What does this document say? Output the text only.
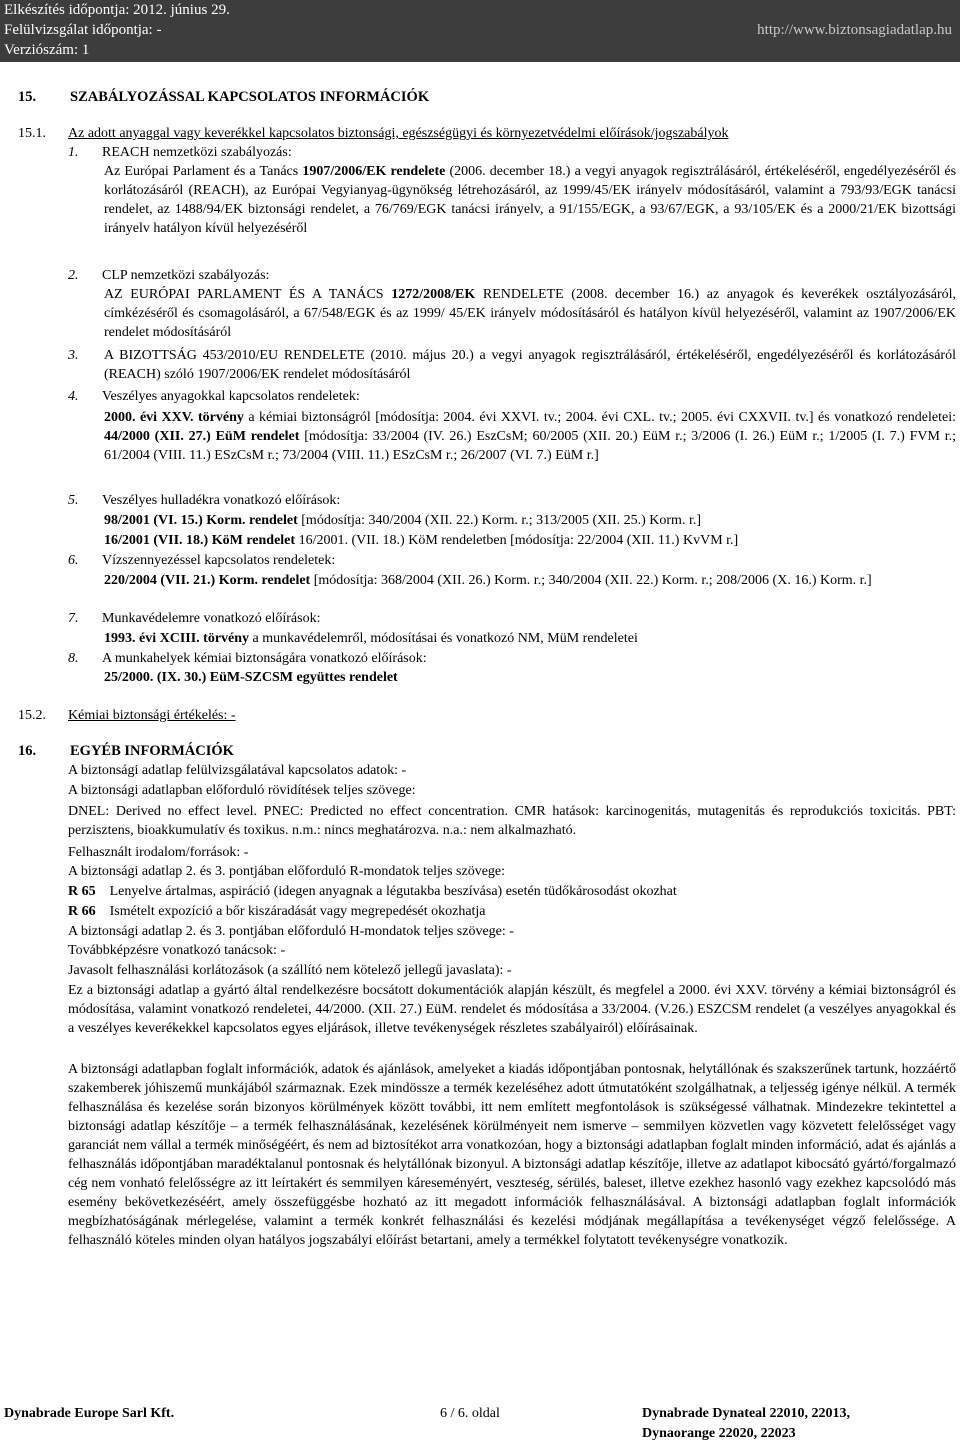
Elkészítés időpontja: 2012. június 29.
Felülvizsgálat időpontja: -
Verziószám: 1
http://www.biztonsagiadatlap.hu
15. SZABÁLYOZÁSSAL KAPCSOLATOS INFORMÁCIÓK
15.1. Az adott anyaggal vagy keverékkel kapcsolatos biztonsági, egészségügyi és környezetvédelmi előírások/jogszabályok
1. REACH nemzetközi szabályozás:
Az Európai Parlament és a Tanács 1907/2006/EK rendelete (2006. december 18.) a vegyi anyagok regisztrálásáról, értékeléséről, engedélyezéséről és korlátozásáról (REACH), az Európai Vegyianyag-ügynökség létrehozásáról, az 1999/45/EK irányelv módosításáról, valamint a 793/93/EGK tanácsi rendelet, az 1488/94/EK biztonsági rendelet, a 76/769/EGK tanácsi irányelv, a 91/155/EGK, a 93/67/EGK, a 93/105/EK és a 2000/21/EK bizottsági irányelv hatályon kívül helyezéséről
2. CLP nemzetközi szabályozás:
AZ EURÓPAI PARLAMENT ÉS A TANÁCS 1272/2008/EK RENDELETE (2008. december 16.) az anyagok és keverékek osztályozásáról, címkézéséről és csomagolásáról, a 67/548/EGK és az 1999/ 45/EK irányelv módosításáról és hatályon kívül helyezéséről, valamint az 1907/2006/EK rendelet módosításáról
3.	A BIZOTTSÁG 453/2010/EU RENDELETE (2010. május 20.) a vegyi anyagok regisztrálásáról, értékeléséről, engedélyezéséről és korlátozásáról (REACH) szóló 1907/2006/EK rendelet módosításáról
4. Veszélyes anyagokkal kapcsolatos rendeletek:
2000. évi XXV. törvény a kémiai biztonságról [módosítja: 2004. évi XXVI. tv.; 2004. évi CXL. tv.; 2005. évi CXXVII. tv.] és vonatkozó rendeletei: 44/2000 (XII. 27.) EüM rendelet [módosítja: 33/2004 (IV. 26.) EszCsM; 60/2005 (XII. 20.) EüM r.; 3/2006 (I. 26.) EüM r.; 1/2005 (I. 7.) FVM r.; 61/2004 (VIII. 11.) ESzCsM r.; 73/2004 (VIII. 11.) ESzCsM r.; 26/2007 (VI. 7.) EüM r.]
5. Veszélyes hulladékra vonatkozó előírások:
98/2001 (VI. 15.) Korm. rendelet [módosítja: 340/2004 (XII. 22.) Korm. r.; 313/2005 (XII. 25.) Korm. r.]
16/2001 (VII. 18.) KöM rendelet 16/2001. (VII. 18.) KöM rendeletben [módosítja: 22/2004 (XII. 11.) KvVM r.]
6. Vízszennyezéssel kapcsolatos rendeletek:
220/2004 (VII. 21.) Korm. rendelet [módosítja: 368/2004 (XII. 26.) Korm. r.; 340/2004 (XII. 22.) Korm. r.; 208/2006 (X. 16.) Korm. r.]
7. Munkavédelemre vonatkozó előírások:
1993. évi XCIII. törvény a munkavédelemről, módosításai és vonatkozó NM, MüM rendeletei
8. A munkahelyek kémiai biztonságára vonatkozó előírások:
25/2000. (IX. 30.) EüM-SZCSM együttes rendelet
15.2. Kémiai biztonsági értékelés: -
16. EGYÉB INFORMÁCIÓK
A biztonsági adatlap felülvizsgálatával kapcsolatos adatok: -
A biztonsági adatlapban előforduló rövidítések teljes szövege:
DNEL: Derived no effect level. PNEC: Predicted no effect concentration. CMR hatások: karcinogenitás, mutagenitás és reprodukciós toxicitás. PBT: perzisztens, bioakkumulatív és toxikus. n.m.: nincs meghatározva. n.a.: nem alkalmazható.
Felhasznált irodalom/források: -
A biztonsági adatlap 2. és 3. pontjában előforduló R-mondatok teljes szövege:
R 65 Lenyelve ártalmas, aspiráció (idegen anyagnak a légutakba beszívása) esetén tüdőkárosodást okozhat
R 66 Ismételt expozíció a bőr kiszáradását vagy megrepedését okozhatja
A biztonsági adatlap 2. és 3. pontjában előforduló H-mondatok teljes szövege: -
Továbbképzésre vonatkozó tanácsok: -
Javasolt felhasználási korlátozások (a szállító nem kötelező jellegű javaslata): -
Ez a biztonsági adatlap a gyártó által rendelkezésre bocsátott dokumentációk alapján készült, és megfelel a 2000. évi XXV. törvény a kémiai biztonságról és módosítása, valamint vonatkozó rendeletei, 44/2000. (XII. 27.) EüM. rendelet és módosítása a 33/2004. (V.26.) ESZCSM rendelet (a veszélyes anyagokkal és a veszélyes keverékekkel kapcsolatos egyes eljárások, illetve tevékenységek részletes szabályairól) előírásainak.
A biztonsági adatlapban foglalt információk, adatok és ajánlások, amelyeket a kiadás időpontjában pontosnak, helytállónak és szakszerűnek tartunk, hozzáértő szakemberek jóhiszemű munkájából származnak. Ezek mindössze a termék kezeléséhez adott útmutatóként szolgálhatnak, a teljesség igénye nélkül. A termék felhasználása és kezelése során bizonyos körülmények között további, itt nem említett megfontolások is szükségessé válhatnak. Mindezekre tekintettel a biztonsági adatlap készítője – a termék felhasználásának, kezelésének körülményeit nem ismerve – semmilyen közvetlen vagy közvetett felelősséget vagy garanciát nem vállal a termék minőségéért, és nem ad biztosítékot arra vonatkozóan, hogy a biztonsági adatlapban foglalt minden információ, adat és ajánlás a felhasználás időpontjában maradéktalanul pontosnak és helytállónak bizonyul. A biztonsági adatlap készítője, illetve az adatlapot kibocsátó gyártó/forgalmazó cég nem vonható felelősségre az itt leírtakért és semmilyen káreseményért, veszteség, sérülés, baleset, illetve ezekhez hasonló vagy ezekhez kapcsolódó más esemény bekövetkezéséért, amely összefüggésbe hozható az itt megadott információk felhasználásával. A biztonsági adatlapban foglalt információk megbízhatóságának mérlegelése, valamint a termék konkrét felhasználási és kezelési módjának megállapítása a tevékenységet végző felelőssége. A felhasználó köteles minden olyan hatályos jogszabályi előírást betartani, amely a termékkel folytatott tevékenységre vonatkozik.
Dynabrade Europe Sarl Kft.	6 / 6. oldal	Dynabrade Dynateal 22010, 22013,
Dynaorange 22020, 22023
